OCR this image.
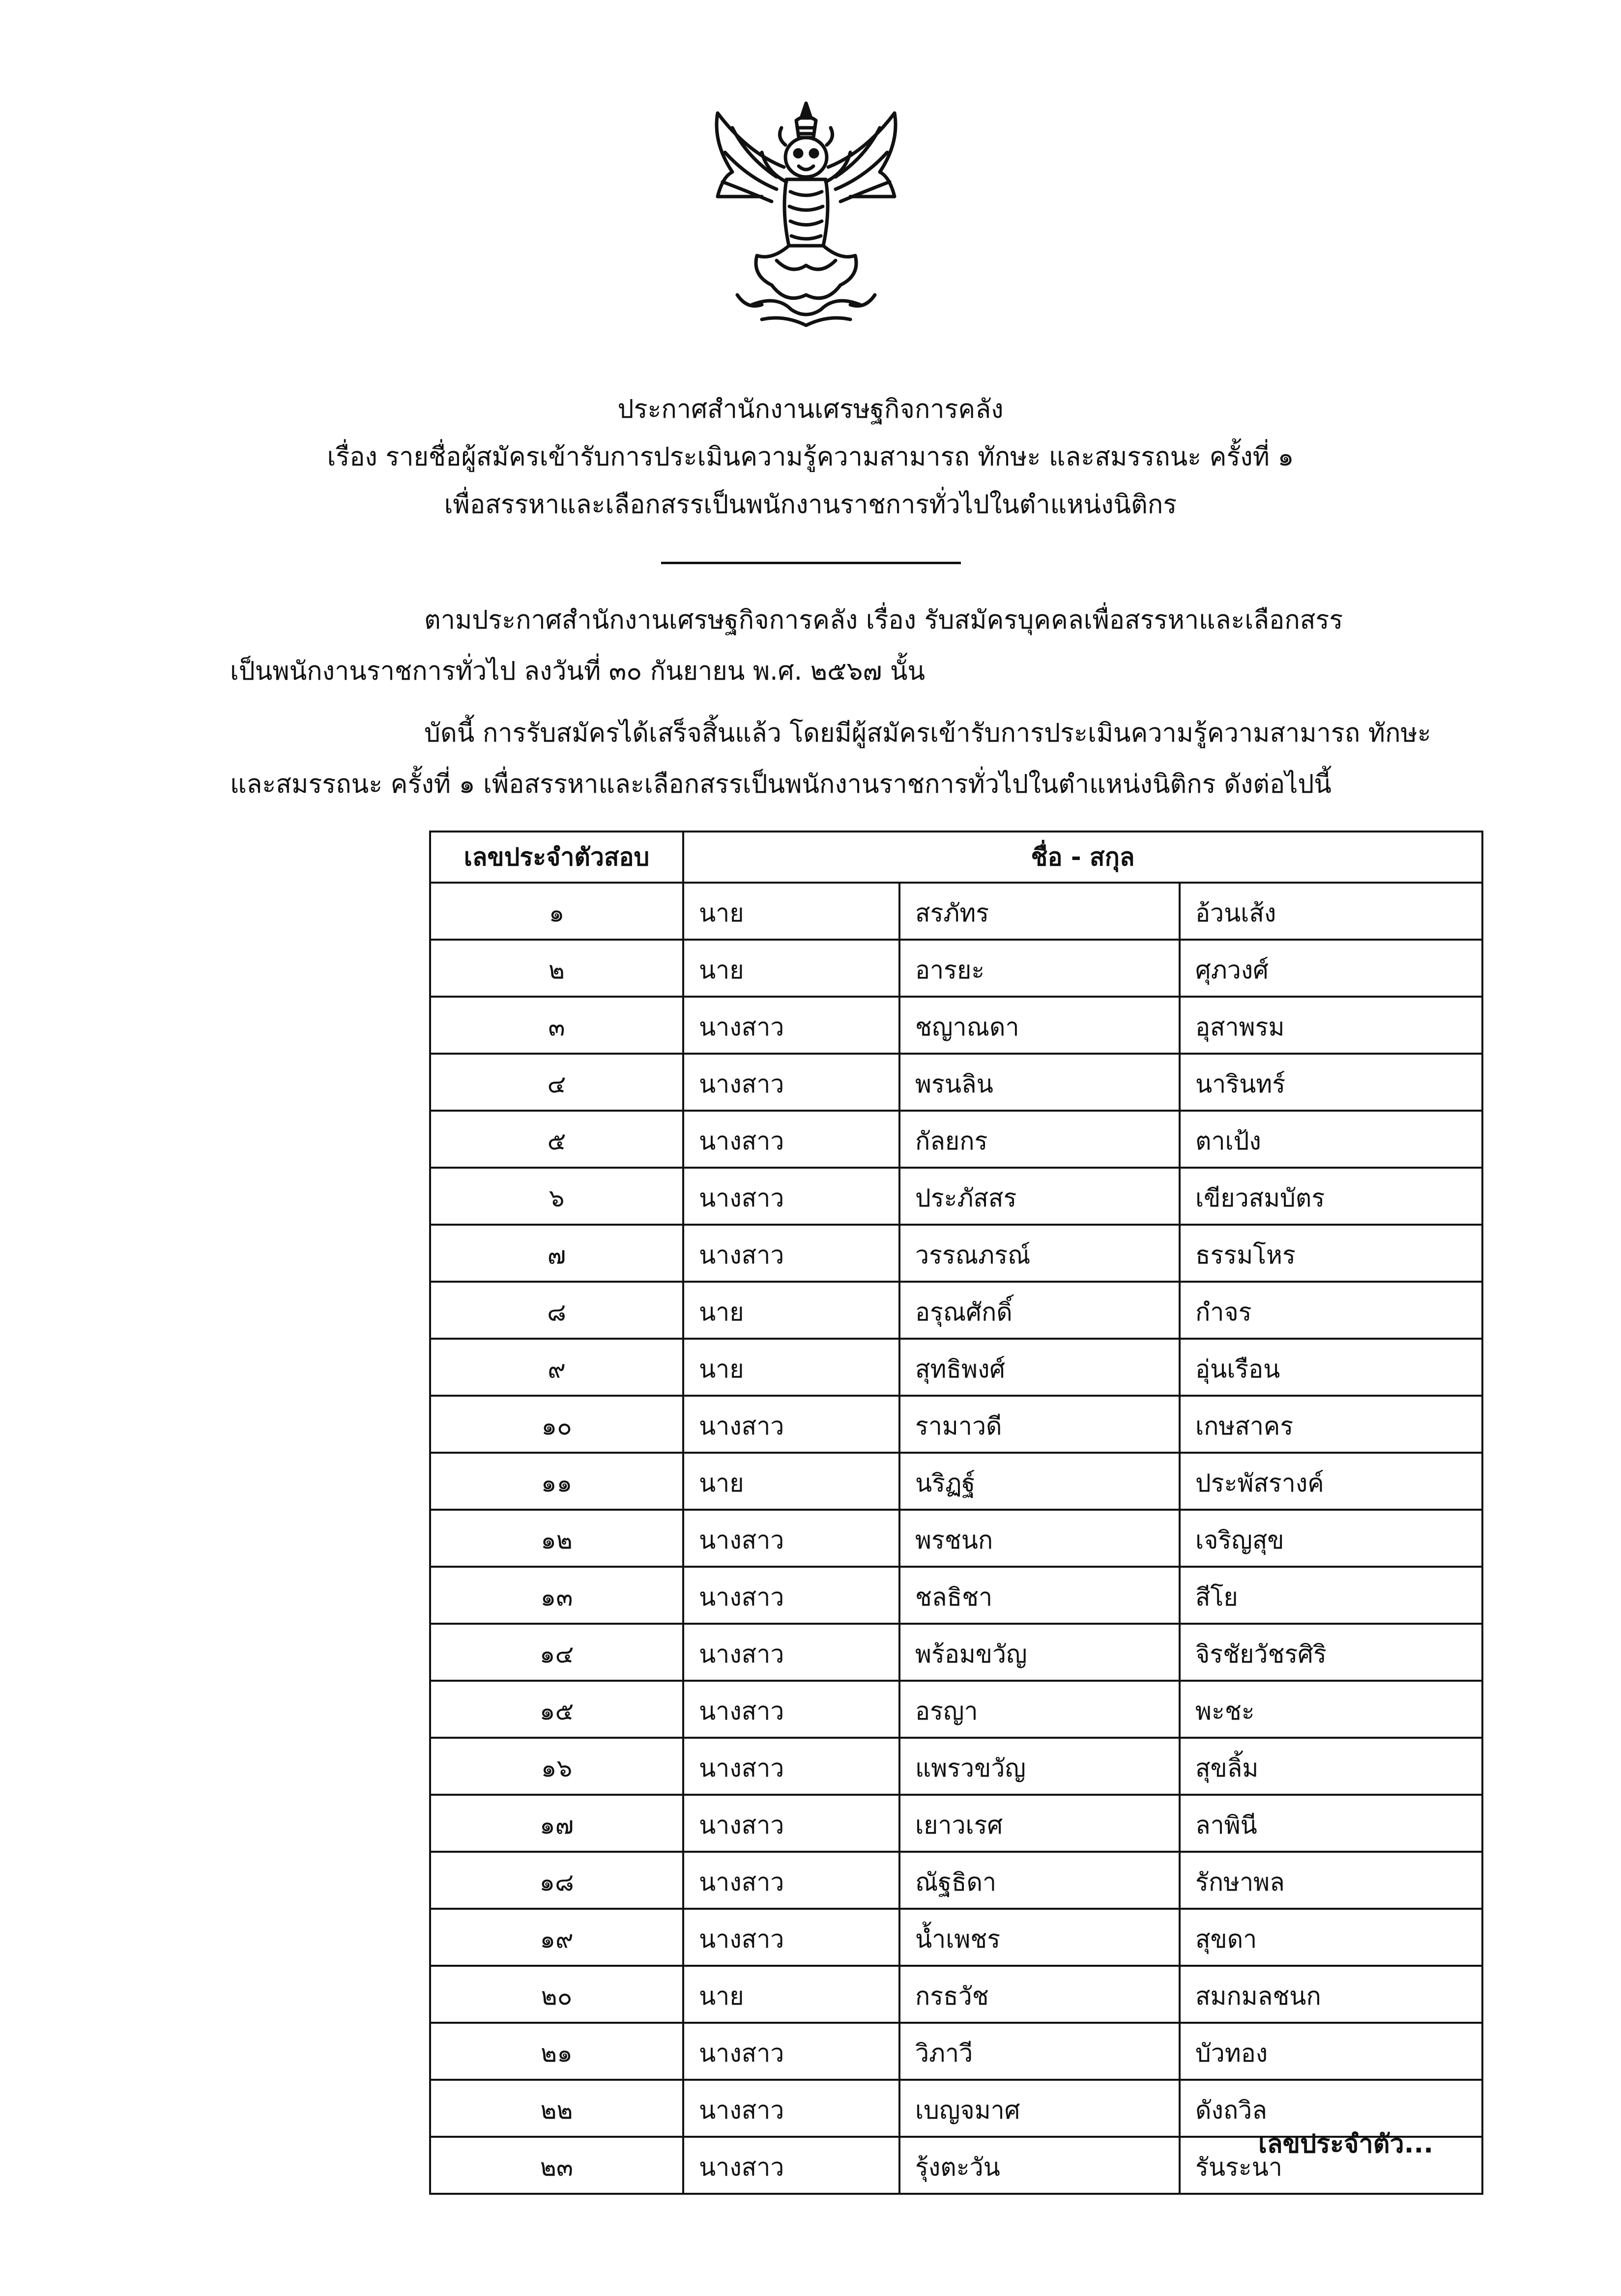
ประกาศสำนักงานเศรษฐกิจการคลัง
เรื่อง รายชื่อผู้สมัครเข้ารับการประเมินความรู้ความสามารถ ทักษะ และสมรรถนะ ครั้งที่ ๑
เพื่อสรรหาและเลือกสรรเป็นพนักงานราชการทั่วไปในตำแหน่งนิติกร
ตามประกาศสำนักงานเศรษฐกิจการคลัง เรื่อง รับสมัครบุคคลเพื่อสรรหาและเลือกสรร
เป็นพนักงานราชการทั่วไป ลงวันที่ ๓๐ กันยายน พ.ศ. ๒๕๖๗ นั้น
บัดนี้ การรับสมัครได้เสร็จสิ้นแล้ว โดยมีผู้สมัครเข้ารับการประเมินความรู้ความสามารถ ทักษะ
และสมรรถนะ ครั้งที่ ๑ เพื่อสรรหาและเลือกสรรเป็นพนักงานราชการทั่วไปในตำแหน่งนิติกร ดังต่อไปนี้
เลขประจำตัวสอบ	ชื่อ - สกุล		
๑	นาย	สรภัทร	อ้วนเส้ง
๒	นาย	อารยะ	ศุภวงศ์
๓	นางสาว	ชญาณดา	อุสาพรม
๔	นางสาว	พรนลิน	นารินทร์
๕	นางสาว	กัลยกร	ตาเป้ง
๖	นางสาว	ประภัสสร	เขียวสมบัตร
๗	นางสาว	วรรณภรณ์	ธรรมโหร
๘	นาย	อรุณศักดิ์	กำจร
๙	นาย	สุทธิพงศ์	อุ่นเรือน
๑๐	นางสาว	รามาวดี	เกษสาคร
๑๑	นาย	นริฏฐ์	ประพัสรางค์
๑๒	นางสาว	พรชนก	เจริญสุข
๑๓	นางสาว	ชลธิชา	สีโย
๑๔	นางสาว	พร้อมขวัญ	จิรชัยวัชรศิริ
๑๕	นางสาว	อรญา	พะชะ
๑๖	นางสาว	แพรวขวัญ	สุขลิ้ม
๑๗	นางสาว	เยาวเรศ	ลาพินี
๑๘	นางสาว	ณัฐธิดา	รักษาพล
๑๙	นางสาว	น้ำเพชร	สุขดา
๒๐	นาย	กรธวัช	สมกมลชนก
๒๑	นางสาว	วิภาวี	บัวทอง
๒๒	นางสาว	เบญจมาศ	ดังถวิล
๒๓	นางสาว	รุ้งตะวัน	รันระนา
เลขประจำตัว...
